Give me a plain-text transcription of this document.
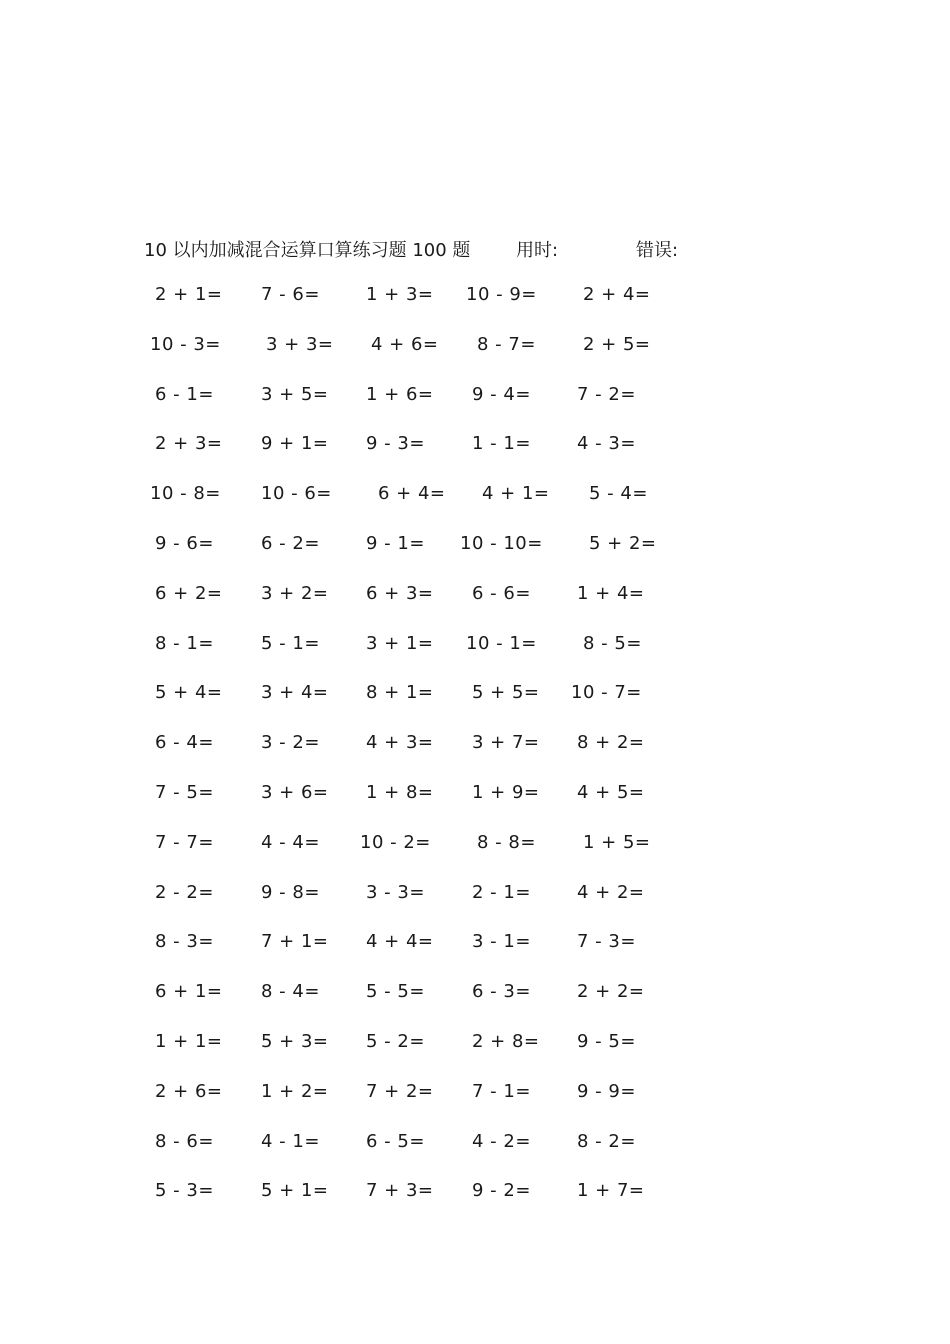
10 以内加减混合运算口算练习题 100 题	用时:	错误:
2 + 1= 7 - 6=	1 + 3= 10 - 9=	2 + 4=
10 - 3=	3 + 3= 4 + 6= 8 - 7=	2 + 5=
6 - 1=	3 + 5= 1 + 6= 9 - 4=	7 - 2=
2 + 3= 9 + 1= 9 - 3=	1 - 1=	4 - 3=
10 - 8= 10 - 6=	6 + 4= 4 + 1= 5 - 4=
9 - 6=	6 - 2=	9 - 1= 10 - 10=	5 + 2=
6 + 2= 3 + 2= 6 + 3= 6 - 6=	1 + 4=
8 - 1=	5 - 1=	3 + 1= 10 - 1=	8 - 5=
5 + 4= 3 + 4= 8 + 1= 5 + 5= 10 - 7=
6 - 4=	3 - 2=	4 + 3= 3 + 7= 8 + 2=
7 - 5=	3 + 6= 1 + 8= 1 + 9= 4 + 5=
7 - 7=	4 - 4= 10 - 2=	8 - 8=	1 + 5=
2 - 2=	9 - 8=	3 - 3=	2 - 1=	4 + 2=
8 - 3=	7 + 1= 4 + 4= 3 - 1=	7 - 3=
6 + 1= 8 - 4=	5 - 5=	6 - 3=	2 + 2=
1 + 1= 5 + 3= 5 - 2=	2 + 8= 9 - 5=
2 + 6= 1 + 2= 7 + 2= 7 - 1=	9 - 9=
8 - 6=	4 - 1=	6 - 5=	4 - 2=	8 - 2=
5 - 3=	5 + 1= 7 + 3= 9 - 2=	1 + 7=
